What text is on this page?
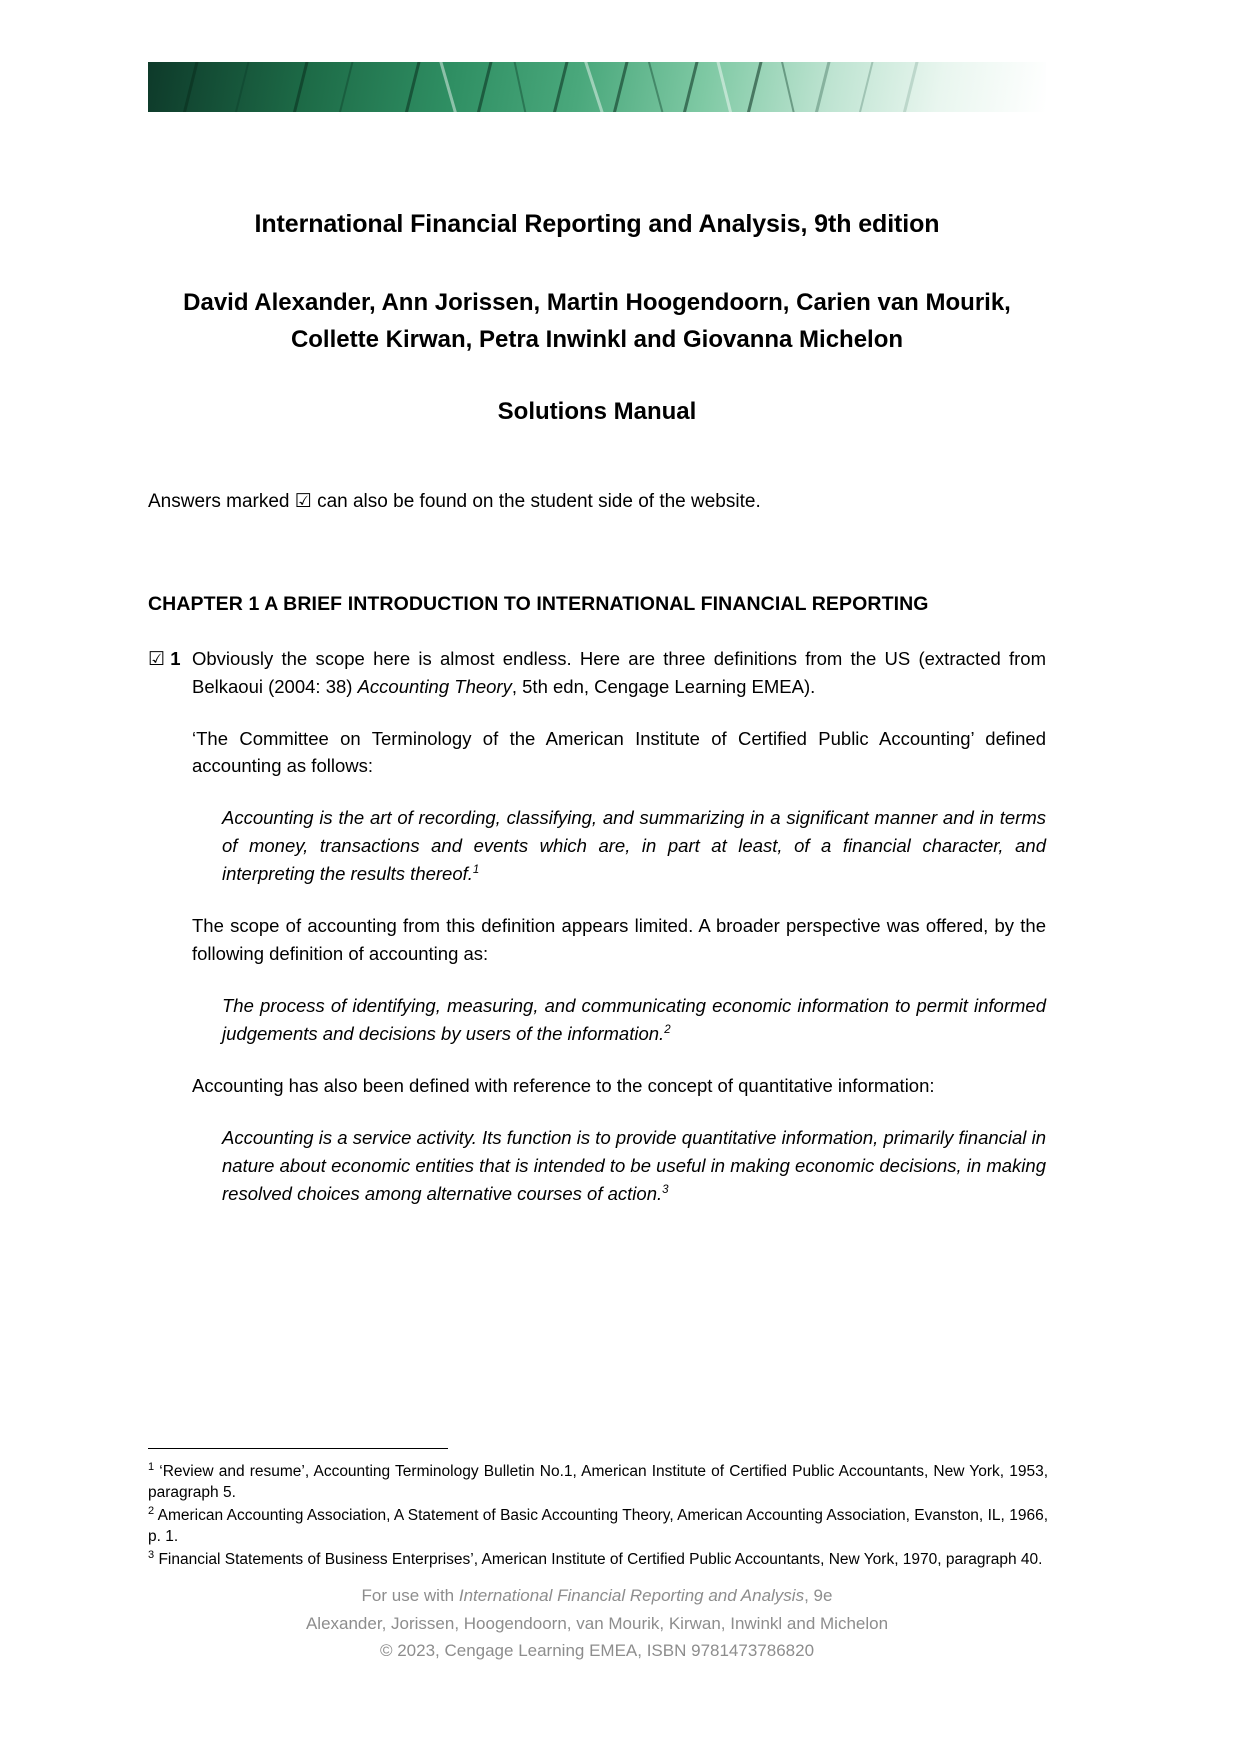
International Financial Reporting and Analysis, 9th edition
David Alexander, Ann Jorissen, Martin Hoogendoorn, Carien van Mourik, Collette Kirwan, Petra Inwinkl and Giovanna Michelon
Solutions Manual
Answers marked ☑ can also be found on the student side of the website.
CHAPTER 1 A BRIEF INTRODUCTION TO INTERNATIONAL FINANCIAL REPORTING
☑ 1 Obviously the scope here is almost endless. Here are three definitions from the US (extracted from Belkaoui (2004: 38) Accounting Theory, 5th edn, Cengage Learning EMEA).
‘The Committee on Terminology of the American Institute of Certified Public Accounting’ defined accounting as follows:
Accounting is the art of recording, classifying, and summarizing in a significant manner and in terms of money, transactions and events which are, in part at least, of a financial character, and interpreting the results thereof.$^1$
The scope of accounting from this definition appears limited. A broader perspective was offered, by the following definition of accounting as:
The process of identifying, measuring, and communicating economic information to permit informed judgements and decisions by users of the information.$^2$
Accounting has also been defined with reference to the concept of quantitative information:
Accounting is a service activity. Its function is to provide quantitative information, primarily financial in nature about economic entities that is intended to be useful in making economic decisions, in making resolved choices among alternative courses of action.$^3$
$^1$ ‘Review and resume’, Accounting Terminology Bulletin No.1, American Institute of Certified Public Accountants, New York, 1953, paragraph 5.
$^2$ American Accounting Association, A Statement of Basic Accounting Theory, American Accounting Association, Evanston, IL, 1966, p. 1.
$^3$ Financial Statements of Business Enterprises’, American Institute of Certified Public Accountants, New York, 1970, paragraph 40.
For use with International Financial Reporting and Analysis, 9e
Alexander, Jorissen, Hoogendoorn, van Mourik, Kirwan, Inwinkl and Michelon
© 2023, Cengage Learning EMEA, ISBN 9781473786820
